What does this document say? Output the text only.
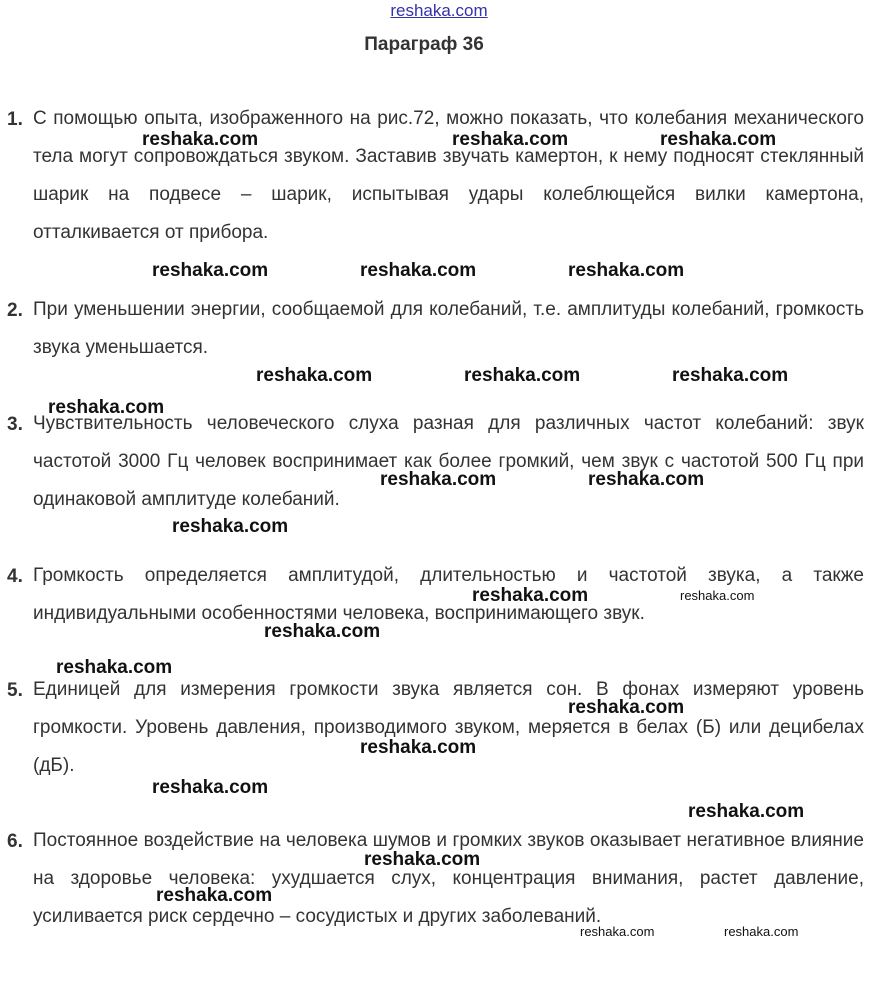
reshaka.com
Параграф 36
1. С помощью опыта, изображенного на рис.72, можно показать, что колебания механического тела могут сопровождаться звуком. Заставив звучать камертон, к нему подносят стеклянный шарик на подвесе – шарик, испытывая удары колеблющейся вилки камертона, отталкивается от прибора.
2. При уменьшении энергии, сообщаемой для колебаний, т.е. амплитуды колебаний, громкость звука уменьшается.
3. Чувствительность человеческого слуха разная для различных частот колебаний: звук частотой 3000 Гц человек воспринимает как более громкий, чем звук с частотой 500 Гц при одинаковой амплитуде колебаний.
4. Громкость определяется амплитудой, длительностью и частотой звука, а также индивидуальными особенностями человека, воспринимающего звук.
5. Единицей для измерения громкости звука является сон. В фонах измеряют уровень громкости. Уровень давления, производимого звуком, меряется в белах (Б) или децибелах (дБ).
6. Постоянное воздействие на человека шумов и громких звуков оказывает негативное влияние на здоровье человека: ухудшается слух, концентрация внимания, растет давление, усиливается риск сердечно – сосудистых и других заболеваний.
reshaka.com	reshaka.com	reshaka.com
reshaka.com	reshaka.com	reshaka.com
reshaka.com	reshaka.com	reshaka.com
reshaka.com
reshaka.com	reshaka.com
reshaka.com
reshaka.com	reshaka.com
reshaka.com
reshaka.com
reshaka.com
reshaka.com
reshaka.com
reshaka.com
reshaka.com
reshaka.com
reshaka.com	reshaka.com
